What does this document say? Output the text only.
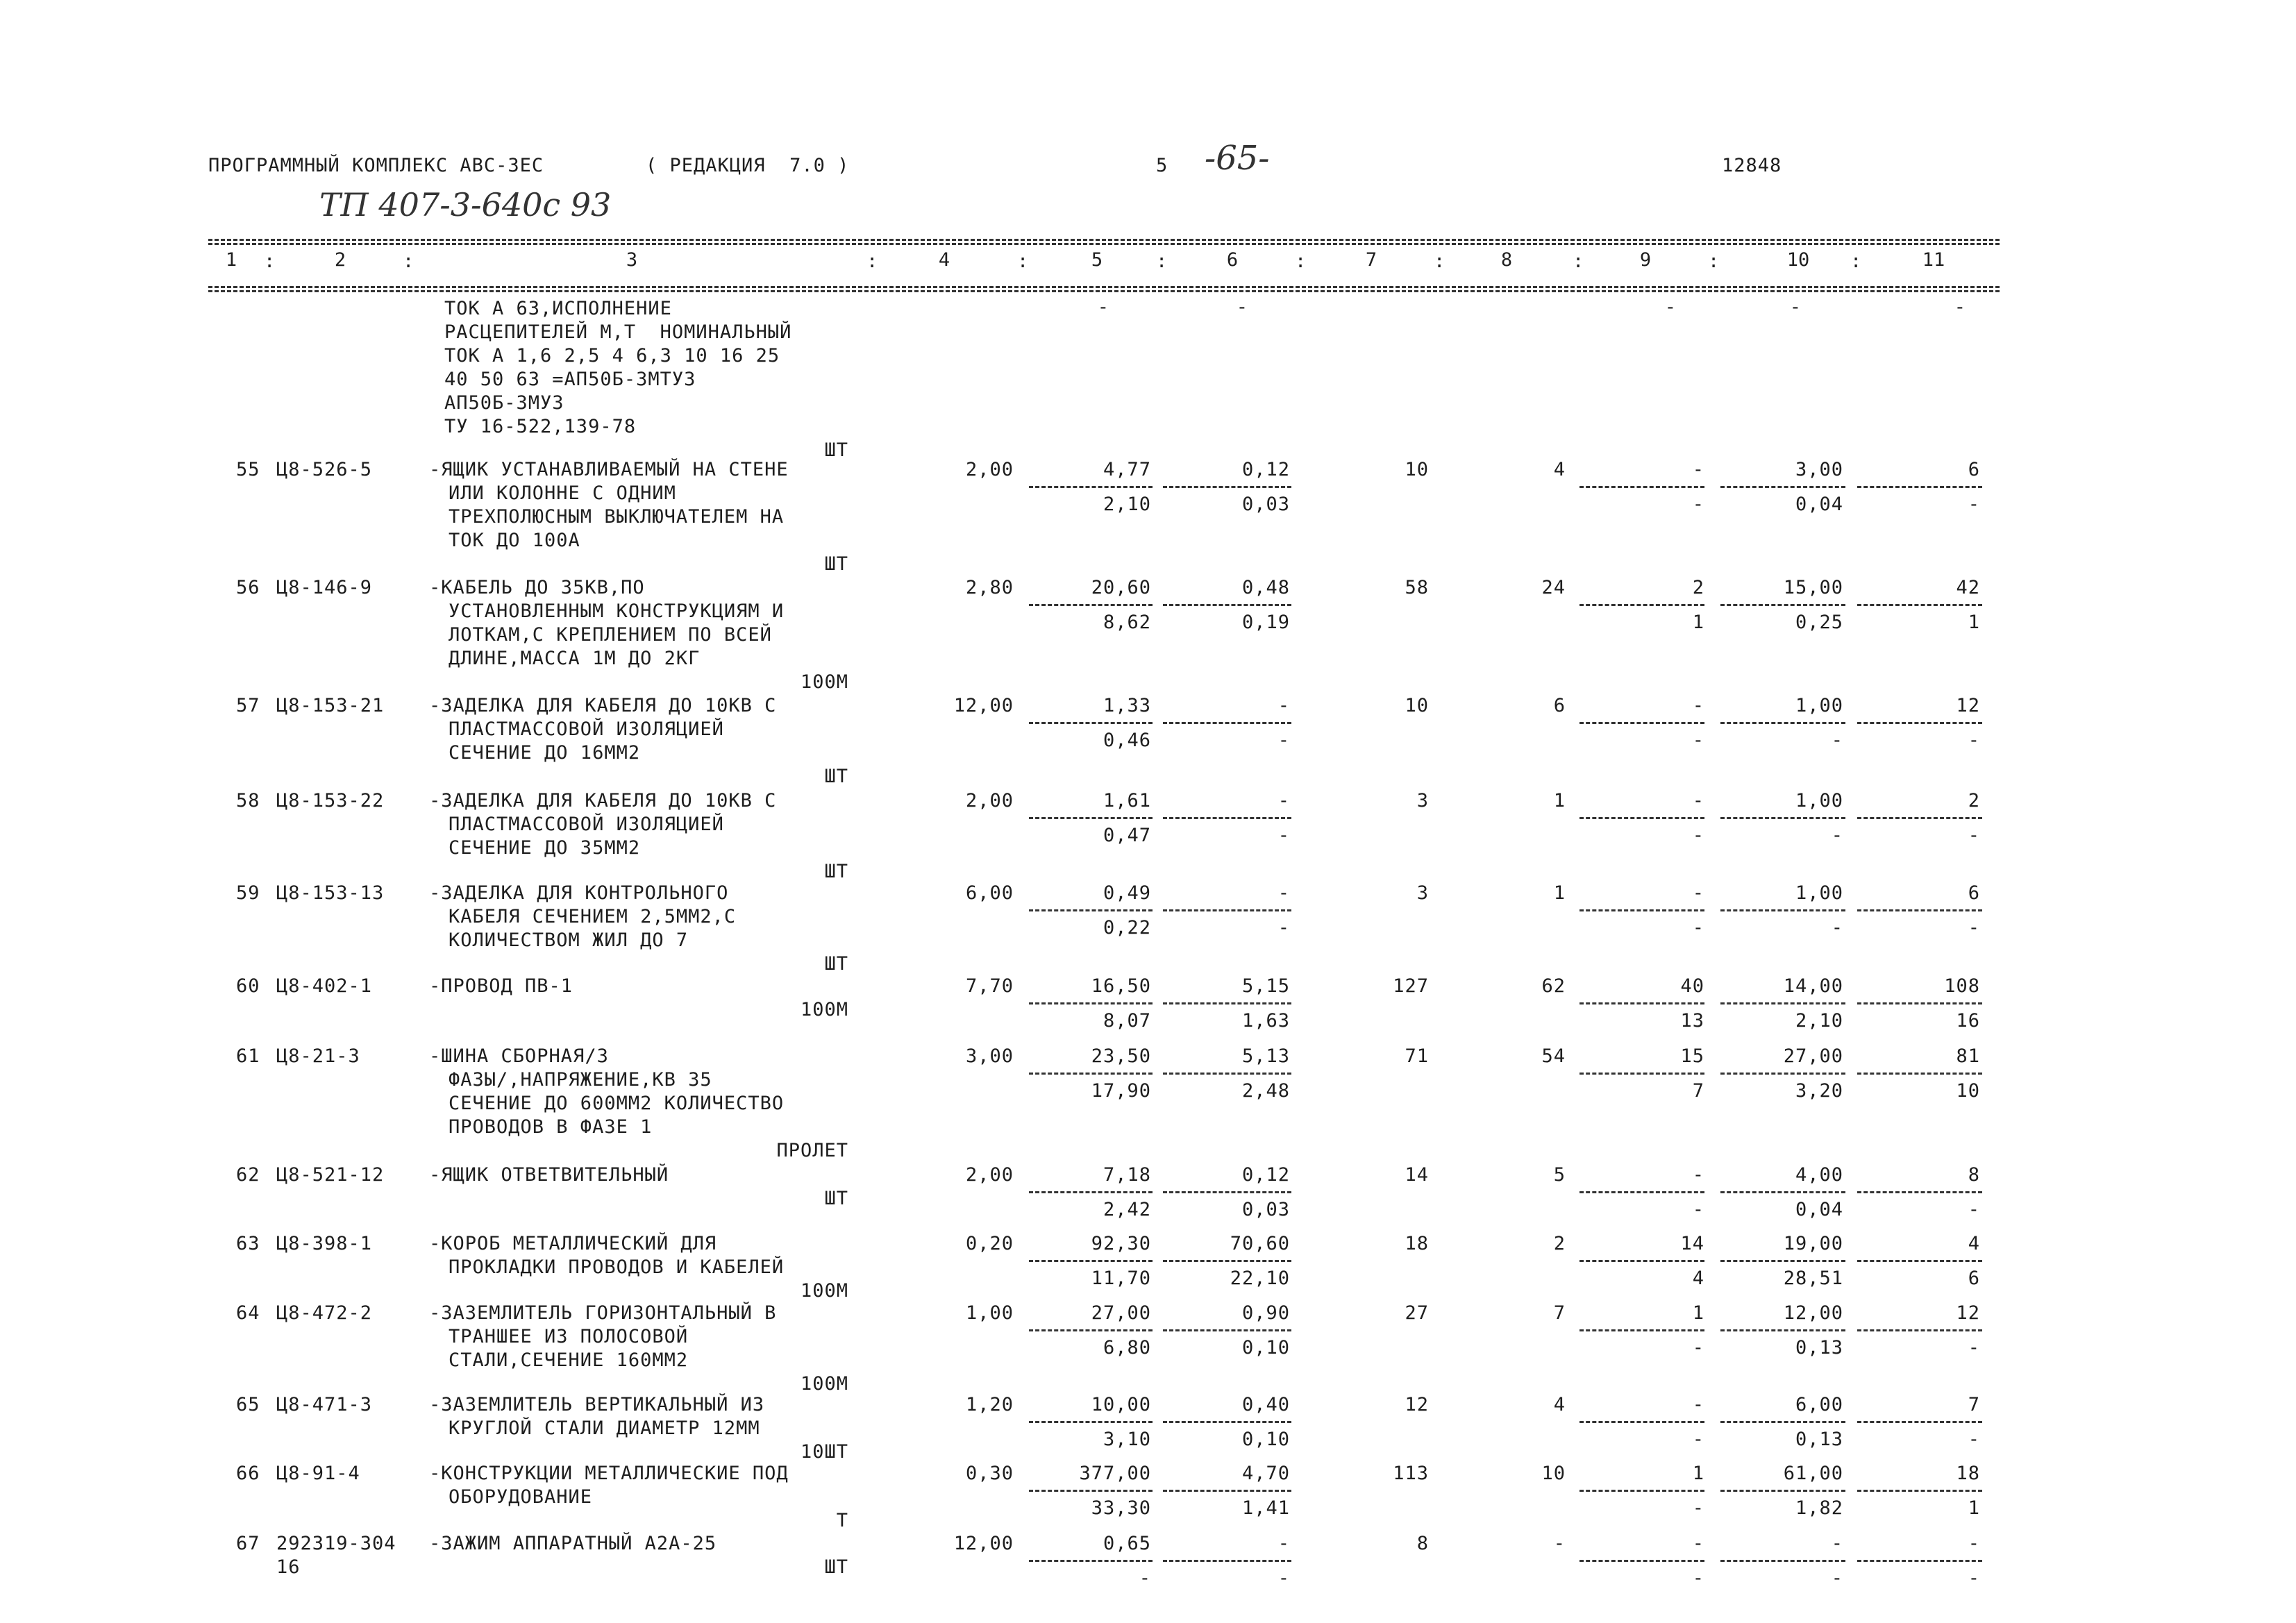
ПРОГРАММНЫЙ КОМПЛЕКС АВС-3ЕС	( РЕДАКЦИЯ  7.0 )	5 -65-	12848
ТП 407-3-640с 93
1	2	3	4	5	6	7	8	9	10	11
:	:	:	:	:	:	:	:	:	:
ТОК А 63,ИСПОЛНЕНИЕ
РАСЦЕПИТЕЛЕЙ М,Т  НОМИНАЛЬНЫЙ
ТОК А 1,6 2,5 4 6,3 10 16 25
40 50 63 =АП50Б-3МТУ3
АП50Б-3МУ3
ТУ 16-522,139-78
ШТ
-	-	-	-	-
55 Ц8-526-5	-ЯЩИК УСТАНАВЛИВАЕМЫЙ НА СТЕНЕ
ИЛИ КОЛОННЕ С ОДНИМ
ТРЕХПОЛЮСНЫМ ВЫКЛЮЧАТЕЛЕМ НА
ТОК ДО 100А
ШТ
2,00	4,77	0,12	10	4	-	3,00	6
2,10	0,03	-	0,04	-
56 Ц8-146-9	-КАБЕЛЬ ДО 35КВ,ПО
УСТАНОВЛЕННЫМ КОНСТРУКЦИЯМ И
ЛОТКАМ,С КРЕПЛЕНИЕМ ПО ВСЕЙ
ДЛИНЕ,МАССА 1М ДО 2КГ
100М
2,80	20,60	0,48	58	24	2	15,00	42
8,62	0,19	1	0,25	1
57 Ц8-153-21 -ЗАДЕЛКА ДЛЯ КАБЕЛЯ ДО 10КВ С
ПЛАСТМАССОВОЙ ИЗОЛЯЦИЕЙ
СЕЧЕНИЕ ДО 16ММ2
ШТ
12,00	1,33	-	10	6	-	1,00	12
0,46	-	-	-	-
58 Ц8-153-22 -ЗАДЕЛКА ДЛЯ КАБЕЛЯ ДО 10КВ С
ПЛАСТМАССОВОЙ ИЗОЛЯЦИЕЙ
СЕЧЕНИЕ ДО 35ММ2
ШТ
2,00	1,61	-	3	1	-	1,00	2
0,47	-	-	-	-
59 Ц8-153-13 -ЗАДЕЛКА ДЛЯ КОНТРОЛЬНОГО
КАБЕЛЯ СЕЧЕНИЕМ 2,5ММ2,С
КОЛИЧЕСТВОМ ЖИЛ ДО 7
ШТ
6,00	0,49	-	3	1	-	1,00	6
0,22	-	-	-	-
60 Ц8-402-1	-ПРОВОД ПВ-1
100М
7,70	16,50	5,15	127	62	40	14,00	108
8,07	1,63	13	2,10	16
61 Ц8-21-3	-ШИНА СБОРНАЯ/3
ФАЗЫ/,НАПРЯЖЕНИЕ,КВ 35
СЕЧЕНИЕ ДО 600ММ2 КОЛИЧЕСТВО
ПРОВОДОВ В ФАЗЕ 1
ПРОЛЕТ
3,00	23,50	5,13	71	54	15	27,00	81
17,90	2,48	7	3,20	10
62 Ц8-521-12 -ЯЩИК ОТВЕТВИТЕЛЬНЫЙ
ШТ
2,00	7,18	0,12	14	5	-	4,00	8
2,42	0,03	-	0,04	-
63 Ц8-398-1	-КОРОБ МЕТАЛЛИЧЕСКИЙ ДЛЯ
ПРОКЛАДКИ ПРОВОДОВ И КАБЕЛЕЙ
100М
0,20	92,30	70,60	18	2	14	19,00	4
11,70	22,10	4	28,51	6
64 Ц8-472-2	-ЗАЗЕМЛИТЕЛЬ ГОРИЗОНТАЛЬНЫЙ В
ТРАНШЕЕ ИЗ ПОЛОСОВОЙ
СТАЛИ,СЕЧЕНИЕ 160ММ2
100М
1,00	27,00	0,90	27	7	1	12,00	12
6,80	0,10	-	0,13	-
65 Ц8-471-3	-ЗАЗЕМЛИТЕЛЬ ВЕРТИКАЛЬНЫЙ ИЗ
КРУГЛОЙ СТАЛИ ДИАМЕТР 12ММ
10ШТ
1,20	10,00	0,40	12	4	-	6,00	7
3,10	0,10	-	0,13	-
66 Ц8-91-4	-КОНСТРУКЦИИ МЕТАЛЛИЧЕСКИЕ ПОД
ОБОРУДОВАНИЕ
Т
0,30	377,00	4,70	113	10	1	61,00	18
33,30	1,41	-	1,82	1
67 292319-304
16
-ЗАЖИМ АППАРАТНЫЙ А2А-25
ШТ
12,00	0,65	-	8	-	-	-	-
-	-	-	-	-
